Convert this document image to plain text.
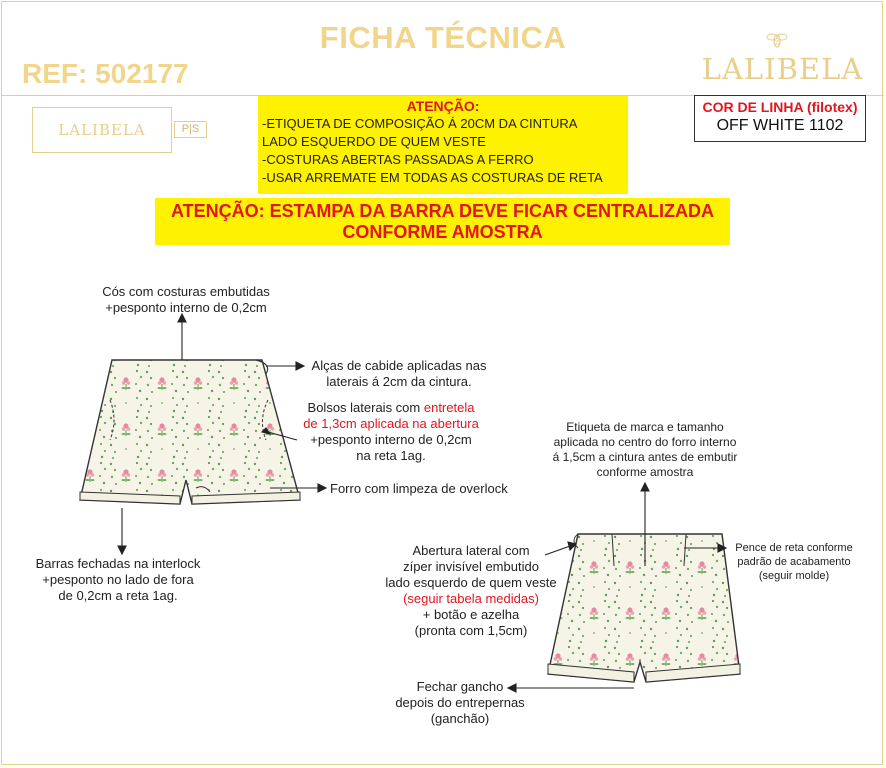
FICHA TÉCNICA
REF: 502177	LALIBELA
LALIBELA	P|S
ATENÇÃO:
-ETIQUETA DE COMPOSIÇÃO Á 20CM DA CINTURA
LADO ESQUERDO DE QUEM VESTE
-COSTURAS ABERTAS PASSADAS A FERRO
-USAR ARREMATE EM TODAS AS COSTURAS DE RETA
COR DE LINHA (filotex)
OFF WHITE 1102
ATENÇÃO: ESTAMPA DA BARRA DEVE FICAR CENTRALIZADA
CONFORME AMOSTRA
Cós com costuras embutidas
+pesponto interno de 0,2cm
Alças de cabide aplicadas nas
laterais á 2cm da cintura.
Bolsos laterais com entretela
de 1,3cm aplicada na abertura
+pesponto interno de 0,2cm
na reta 1ag.
Forro com limpeza de overlock
Barras fechadas na interlock
+pesponto no lado de fora
de 0,2cm a reta 1ag.
Etiqueta de marca e tamanho
aplicada no centro do forro interno
á 1,5cm a cintura antes de embutir
conforme amostra
Pence de reta conforme
padrão de acabamento
(seguir molde)
Abertura lateral com
zíper invisível embutido
lado esquerdo de quem veste
(seguir tabela medidas)
+ botão e azelha
(pronta com 1,5cm)
Fechar gancho
depois do entrepernas
(ganchão)
